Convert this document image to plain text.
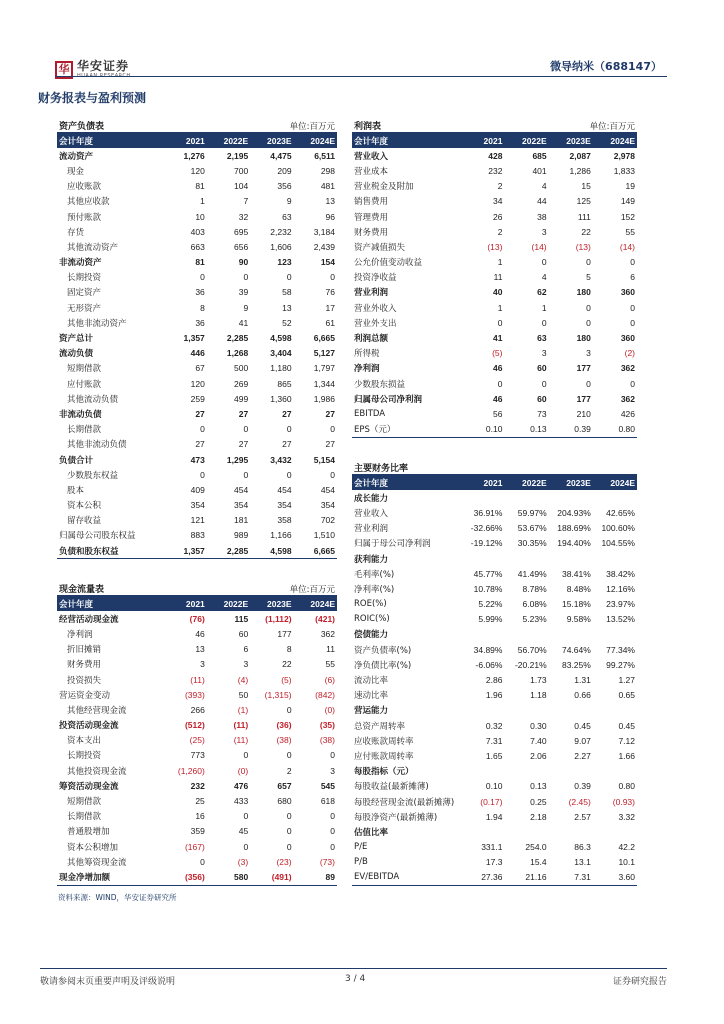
华 华安证券
HUAAN RESEARCH
微导纳米（688147）
财务报表与盈利预测
资产负债表	单位:百万元
会计年度	2021	2022E	2023E	2024E
流动资产	1,276	2,195	4,475	6,511
现金	120	700	209	298
应收账款	81	104	356	481
其他应收款	1	7	9	13
预付账款	10	32	63	96
存货	403	695	2,232	3,184
其他流动资产	663	656	1,606	2,439
非流动资产	81	90	123	154
长期投资	0	0	0	0
固定资产	36	39	58	76
无形资产	8	9	13	17
其他非流动资产	36	41	52	61
资产总计	1,357	2,285	4,598	6,665
流动负债	446	1,268	3,404	5,127
短期借款	67	500	1,180	1,797
应付账款	120	269	865	1,344
其他流动负债	259	499	1,360	1,986
非流动负债	27	27	27	27
长期借款	0	0	0	0
其他非流动负债	27	27	27	27
负债合计	473	1,295	3,432	5,154
少数股东权益	0	0	0	0
股本	409	454	454	454
资本公积	354	354	354	354
留存收益	121	181	358	702
归属母公司股东权益	883	989	1,166	1,510
负债和股东权益	1,357	2,285	4,598	6,665
现金流量表	单位:百万元
会计年度	2021	2022E	2023E	2024E
经营活动现金流	(76)	115	(1,112)	(421)
净利润	46	60	177	362
折旧摊销	13	6	8	11
财务费用	3	3	22	55
投资损失	(11)	(4)	(5)	(6)
营运资金变动	(393)	50	(1,315)	(842)
其他经营现金流	266	(1)	0	(0)
投资活动现金流	(512)	(11)	(36)	(35)
资本支出	(25)	(11)	(38)	(38)
长期投资	773	0	0	0
其他投资现金流	(1,260)	(0)	2	3
筹资活动现金流	232	476	657	545
短期借款	25	433	680	618
长期借款	16	0	0	0
普通股增加	359	45	0	0
资本公积增加	(167)	0	0	0
其他筹资现金流	0	(3)	(23)	(73)
现金净增加额	(356)	580	(491)	89
利润表	单位:百万元
会计年度	2021	2022E	2023E	2024E
营业收入	428	685	2,087	2,978
营业成本	232	401	1,286	1,833
营业税金及附加	2	4	15	19
销售费用	34	44	125	149
管理费用	26	38	111	152
财务费用	2	3	22	55
资产减值损失	(13)	(14)	(13)	(14)
公允价值变动收益	1	0	0	0
投资净收益	11	4	5	6
营业利润	40	62	180	360
营业外收入	1	1	0	0
营业外支出	0	0	0	0
利润总额	41	63	180	360
所得税	(5)	3	3	(2)
净利润	46	60	177	362
少数股东损益	0	0	0	0
归属母公司净利润	46	60	177	362
EBITDA	56	73	210	426
EPS（元）	0.10	0.13	0.39	0.80
主要财务比率
会计年度	2021	2022E	2023E	2024E
成长能力				
营业收入	36.91%	59.97%	204.93%	42.65%
营业利润	-32.66%	53.67%	188.69%	100.60%
归属于母公司净利润	-19.12%	30.35%	194.40%	104.55%
获利能力				
毛利率(%)	45.77%	41.49%	38.41%	38.42%
净利率(%)	10.78%	8.78%	8.48%	12.16%
ROE(%)	5.22%	6.08%	15.18%	23.97%
ROIC(%)	5.99%	5.23%	9.58%	13.52%
偿债能力				
资产负债率(%)	34.89%	56.70%	74.64%	77.34%
净负债比率(%)	-6.06%	-20.21%	83.25%	99.27%
流动比率	2.86	1.73	1.31	1.27
速动比率	1.96	1.18	0.66	0.65
营运能力				
总资产周转率	0.32	0.30	0.45	0.45
应收账款周转率	7.31	7.40	9.07	7.12
应付账款周转率	1.65	2.06	2.27	1.66
每股指标（元）				
每股收益(最新摊薄)	0.10	0.13	0.39	0.80
每股经营现金流(最新摊薄)	(0.17)	0.25	(2.45)	(0.93)
每股净资产(最新摊薄)	1.94	2.18	2.57	3.32
估值比率				
P/E	331.1	254.0	86.3	42.2
P/B	17.3	15.4	13.1	10.1
EV/EBITDA	27.36	21.16	7.31	3.60
资料来源：WIND，华安证券研究所
敬请参阅末页重要声明及评级说明	3 / 4	证券研究报告
